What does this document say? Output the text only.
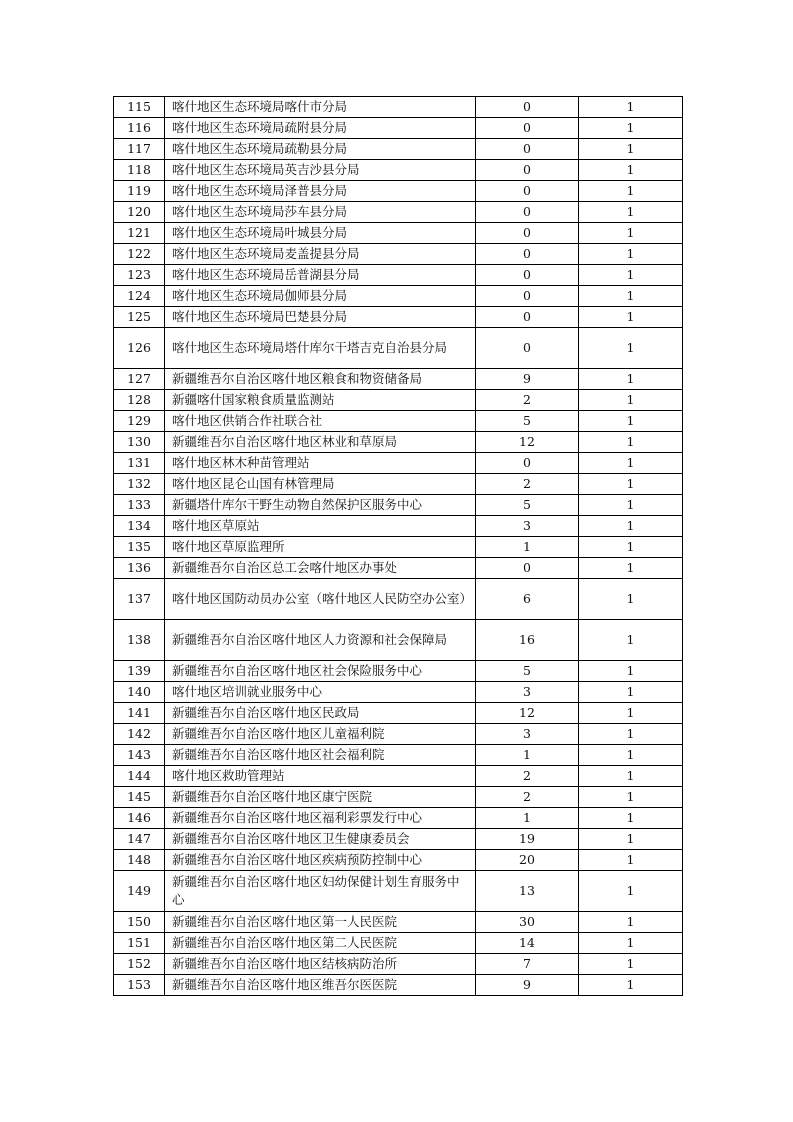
115	喀什地区生态环境局喀什市分局	0	1
116	喀什地区生态环境局疏附县分局	0	1
117	喀什地区生态环境局疏勒县分局	0	1
118	喀什地区生态环境局英吉沙县分局	0	1
119	喀什地区生态环境局泽普县分局	0	1
120	喀什地区生态环境局莎车县分局	0	1
121	喀什地区生态环境局叶城县分局	0	1
122	喀什地区生态环境局麦盖提县分局	0	1
123	喀什地区生态环境局岳普湖县分局	0	1
124	喀什地区生态环境局伽师县分局	0	1
125	喀什地区生态环境局巴楚县分局	0	1
126	喀什地区生态环境局塔什库尔干塔吉克自治县分局	0	1
127	新疆维吾尔自治区喀什地区粮食和物资储备局	9	1
128	新疆喀什国家粮食质量监测站	2	1
129	喀什地区供销合作社联合社	5	1
130	新疆维吾尔自治区喀什地区林业和草原局	12	1
131	喀什地区林木种苗管理站	0	1
132	喀什地区昆仑山国有林管理局	2	1
133	新疆塔什库尔干野生动物自然保护区服务中心	5	1
134	喀什地区草原站	3	1
135	喀什地区草原监理所	1	1
136	新疆维吾尔自治区总工会喀什地区办事处	0	1
137	喀什地区国防动员办公室（喀什地区人民防空办公室）	6	1
138	新疆维吾尔自治区喀什地区人力资源和社会保障局	16	1
139	新疆维吾尔自治区喀什地区社会保险服务中心	5	1
140	喀什地区培训就业服务中心	3	1
141	新疆维吾尔自治区喀什地区民政局	12	1
142	新疆维吾尔自治区喀什地区儿童福利院	3	1
143	新疆维吾尔自治区喀什地区社会福利院	1	1
144	喀什地区救助管理站	2	1
145	新疆维吾尔自治区喀什地区康宁医院	2	1
146	新疆维吾尔自治区喀什地区福利彩票发行中心	1	1
147	新疆维吾尔自治区喀什地区卫生健康委员会	19	1
148	新疆维吾尔自治区喀什地区疾病预防控制中心	20	1
149	新疆维吾尔自治区喀什地区妇幼保健计划生育服务中心	13	1
150	新疆维吾尔自治区喀什地区第一人民医院	30	1
151	新疆维吾尔自治区喀什地区第二人民医院	14	1
152	新疆维吾尔自治区喀什地区结核病防治所	7	1
153	新疆维吾尔自治区喀什地区维吾尔医医院	9	1
